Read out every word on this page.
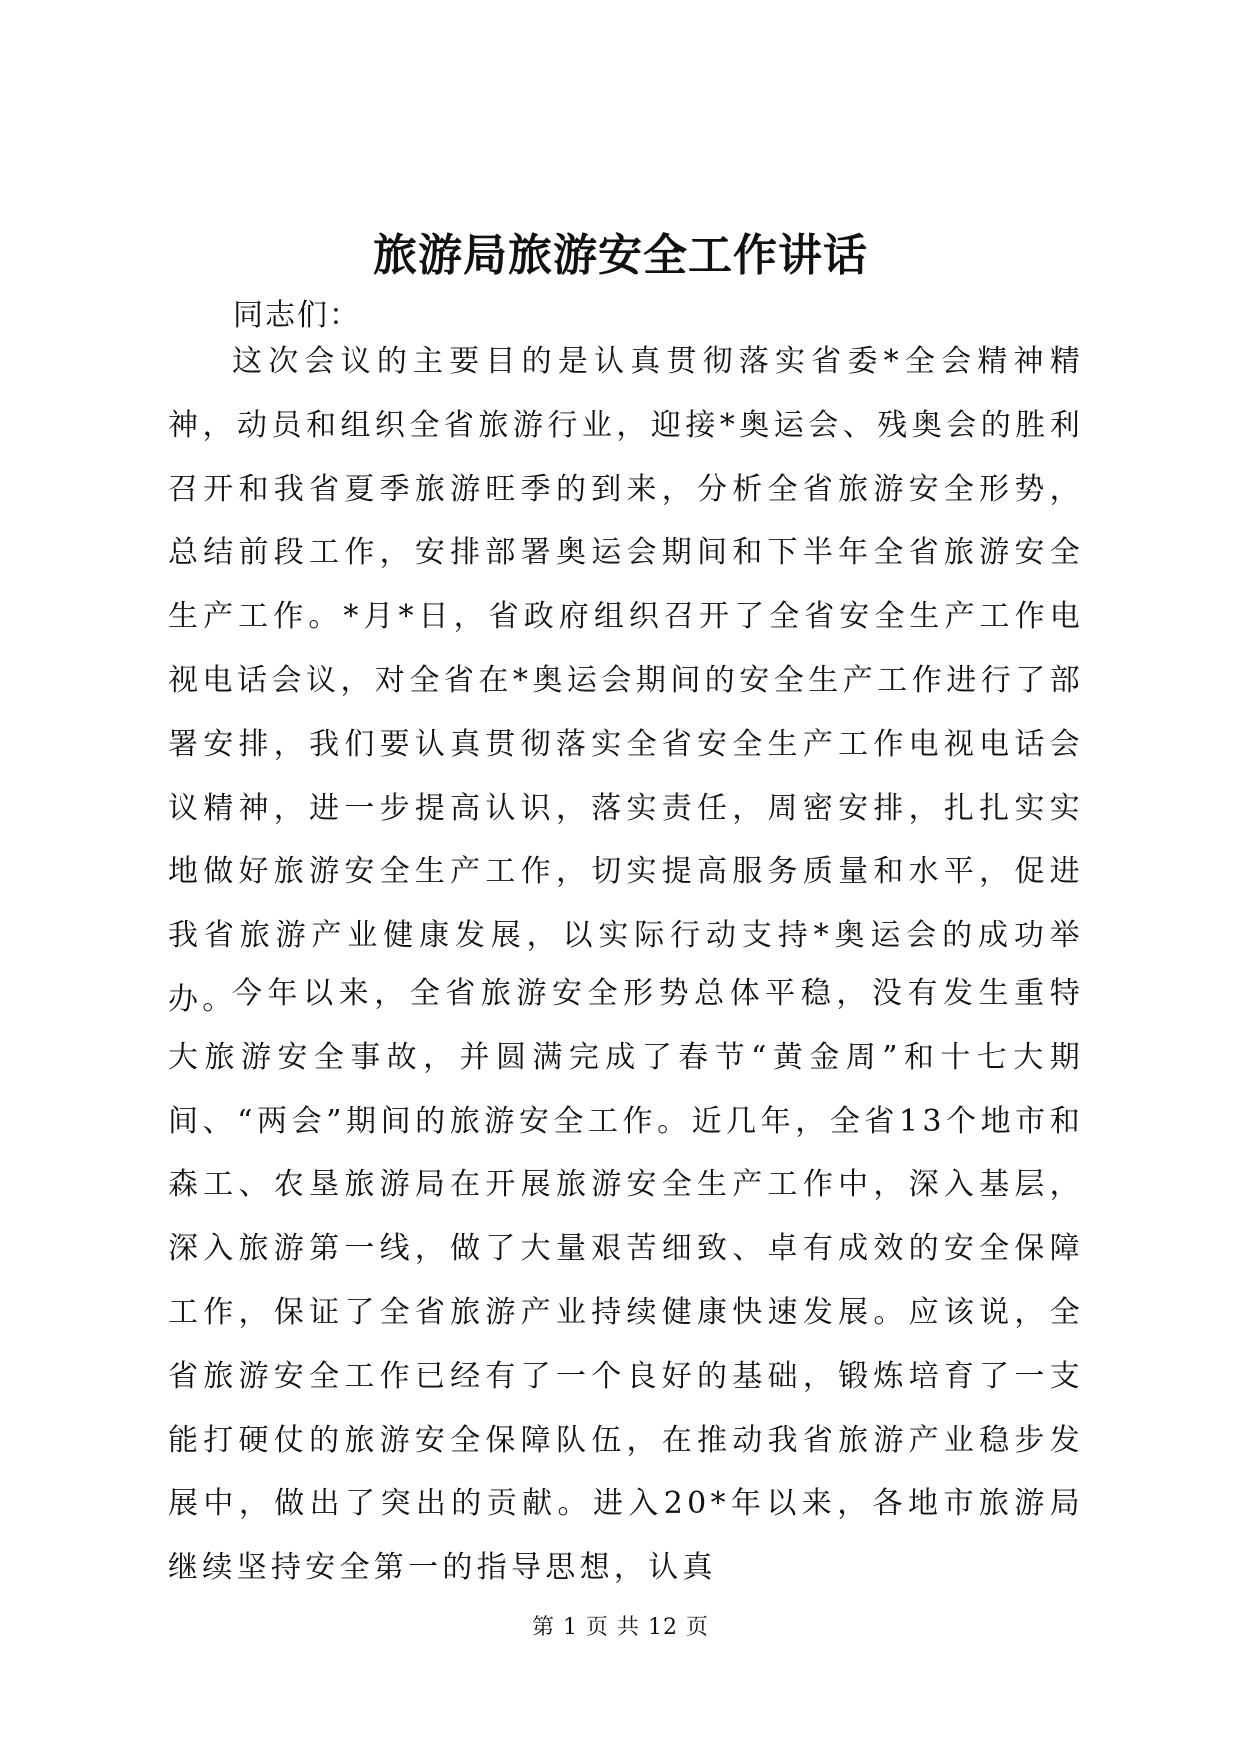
旅游局旅游安全工作讲话
同志们：

这次会议的主要目的是认真贯彻落实省委*全会精神精神，动员和组织全省旅游行业，迎接*奥运会、残奥会的胜利召开和我省夏季旅游旺季的到来，分析全省旅游安全形势，总结前段工作，安排部署奥运会期间和下半年全省旅游安全生产工作。*月*日，省政府组织召开了全省安全生产工作电视电话会议，对全省在*奥运会期间的安全生产工作进行了部署安排，我们要认真贯彻落实全省安全生产工作电视电话会议精神，进一步提高认识，落实责任，周密安排，扎扎实实地做好旅游安全生产工作，切实提高服务质量和水平，促进我省旅游产业健康发展，以实际行动支持*奥运会的成功举办。

今年以来，全省旅游安全形势总体平稳，没有发生重特大旅游安全事故，并圆满完成了春节“黄金周”和十七大期间、“两会”期间的旅游安全工作。近几年，全省13个地市和森工、农垦旅游局在开展旅游安全生产工作中，深入基层，深入旅游第一线，做了大量艰苦细致、卓有成效的安全保障工作，保证了全省旅游产业持续健康快速发展。应该说，全省旅游安全工作已经有了一个良好的基础，锻炼培育了一支能打硬仗的旅游安全保障队伍，在推动我省旅游产业稳步发展中，做出了突出的贡献。进入20*年以来，各地市旅游局继续坚持安全第一的指导思想，认真

第 1 页 共 12 页
